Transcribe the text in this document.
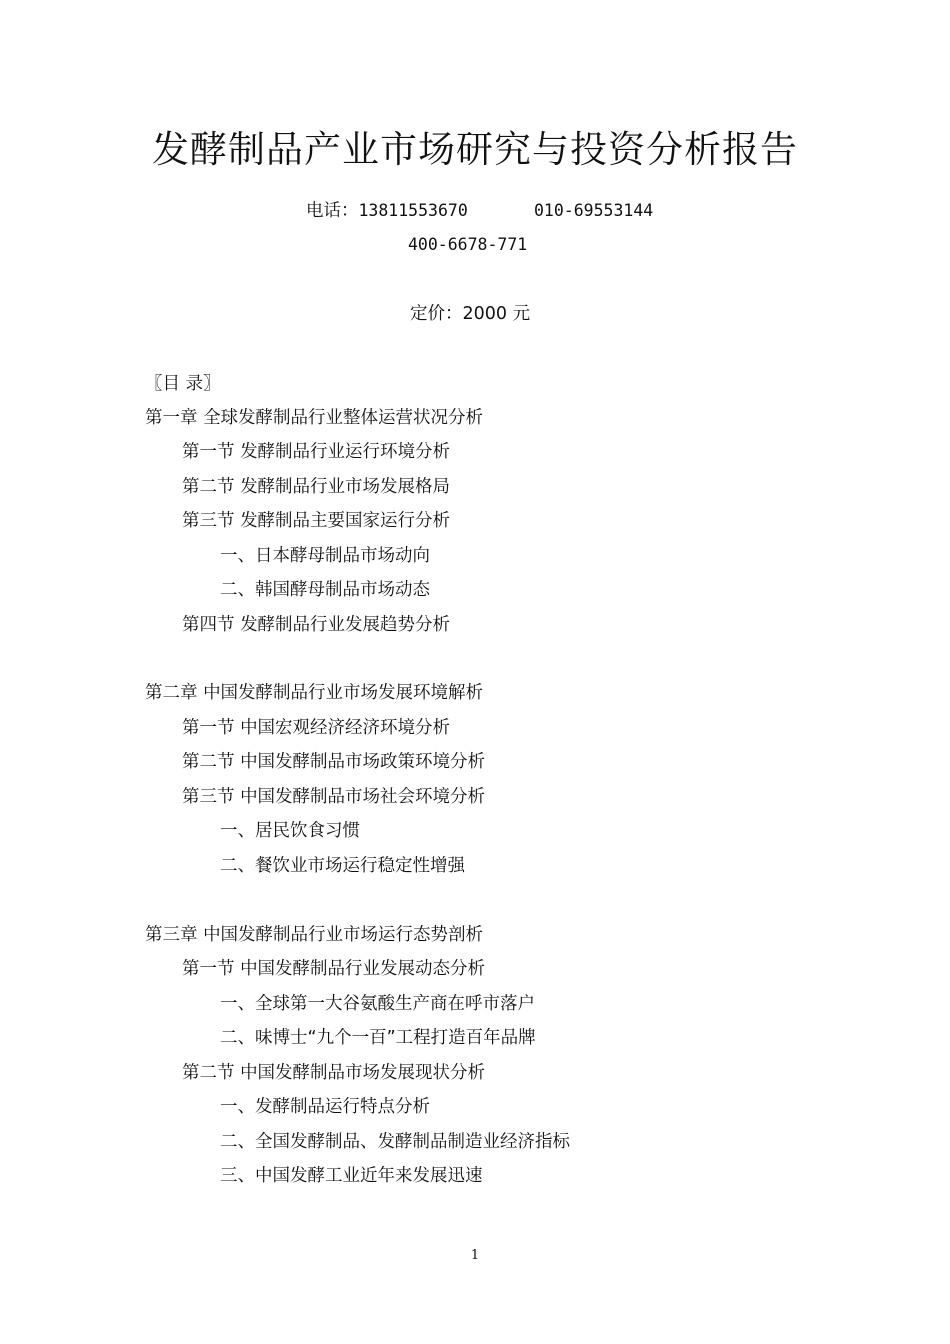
发酵制品产业市场研究与投资分析报告
电话：13811553670	010-69553144
400-6678-771
定价：2000 元
〖目 录〗
第一章 全球发酵制品行业整体运营状况分析
第一节 发酵制品行业运行环境分析
第二节 发酵制品行业市场发展格局
第三节 发酵制品主要国家运行分析
一、日本酵母制品市场动向
二、韩国酵母制品市场动态
第四节 发酵制品行业发展趋势分析
第二章 中国发酵制品行业市场发展环境解析
第一节 中国宏观经济经济环境分析
第二节 中国发酵制品市场政策环境分析
第三节 中国发酵制品市场社会环境分析
一、居民饮食习惯
二、餐饮业市场运行稳定性增强
第三章 中国发酵制品行业市场运行态势剖析
第一节 中国发酵制品行业发展动态分析
一、全球第一大谷氨酸生产商在呼市落户
二、味博士“九个一百”工程打造百年品牌
第二节 中国发酵制品市场发展现状分析
一、发酵制品运行特点分析
二、全国发酵制品、发酵制品制造业经济指标
三、中国发酵工业近年来发展迅速
1
